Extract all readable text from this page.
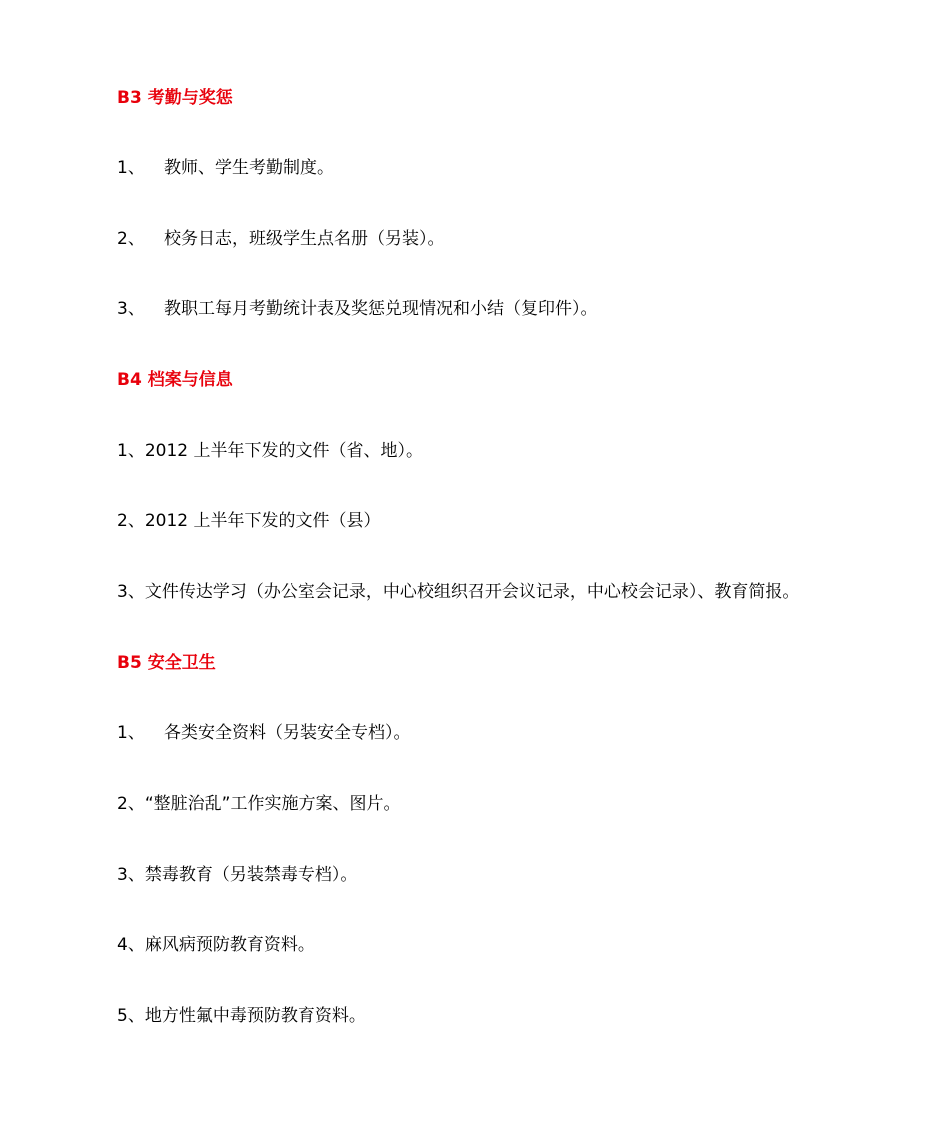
B3 考勤与奖惩
1、 教师、学生考勤制度。
2、 校务日志，班级学生点名册（另装）。
3、 教职工每月考勤统计表及奖惩兑现情况和小结（复印件）。
B4 档案与信息
1、2012 上半年下发的文件（省、地）。
2、2012 上半年下发的文件（县）
3、文件传达学习（办公室会记录，中心校组织召开会议记录，中心校会记录）、教育简报。
B5 安全卫生
1、 各类安全资料（另装安全专档）。
2、“整脏治乱”工作实施方案、图片。
3、禁毒教育（另装禁毒专档）。
4、麻风病预防教育资料。
5、地方性氟中毒预防教育资料。
